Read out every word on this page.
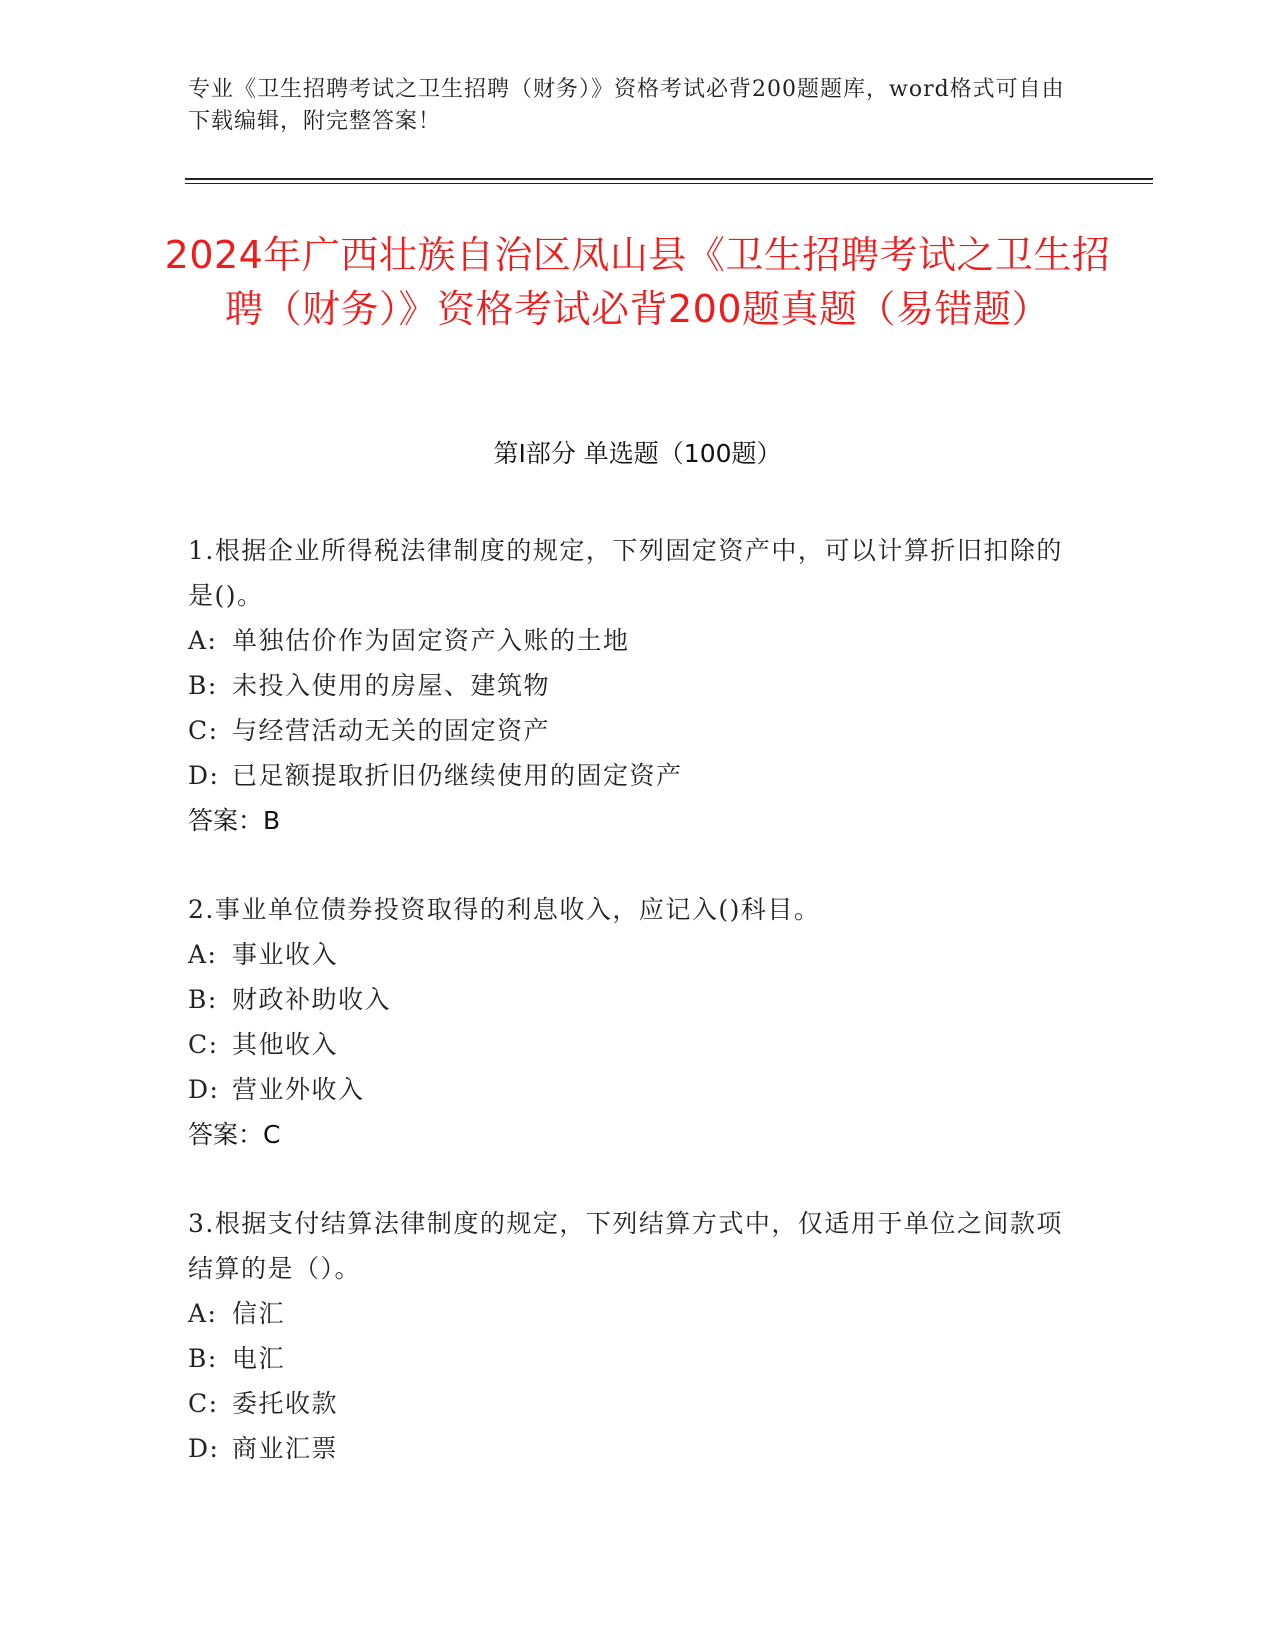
专业《卫生招聘考试之卫生招聘（财务）》资格考试必背200题题库，word格式可自由下载编辑，附完整答案！
2024年广西壮族自治区凤山县《卫生招聘考试之卫生招聘（财务）》资格考试必背200题真题（易错题）
第Ⅰ部分 单选题（100题）

1.根据企业所得税法律制度的规定，下列固定资产中，可以计算折旧扣除的是()。

A: 单独估价作为固定资产入账的土地

B: 未投入使用的房屋、建筑物

C: 与经营活动无关的固定资产

D: 已足额提取折旧仍继续使用的固定资产

答案：B

2.事业单位债券投资取得的利息收入，应记入()科目。

A: 事业收入

B: 财政补助收入

C: 其他收入

D: 营业外收入

答案：C

3.根据支付结算法律制度的规定，下列结算方式中，仅适用于单位之间款项结算的是（）。

A: 信汇

B: 电汇

C: 委托收款

D: 商业汇票
